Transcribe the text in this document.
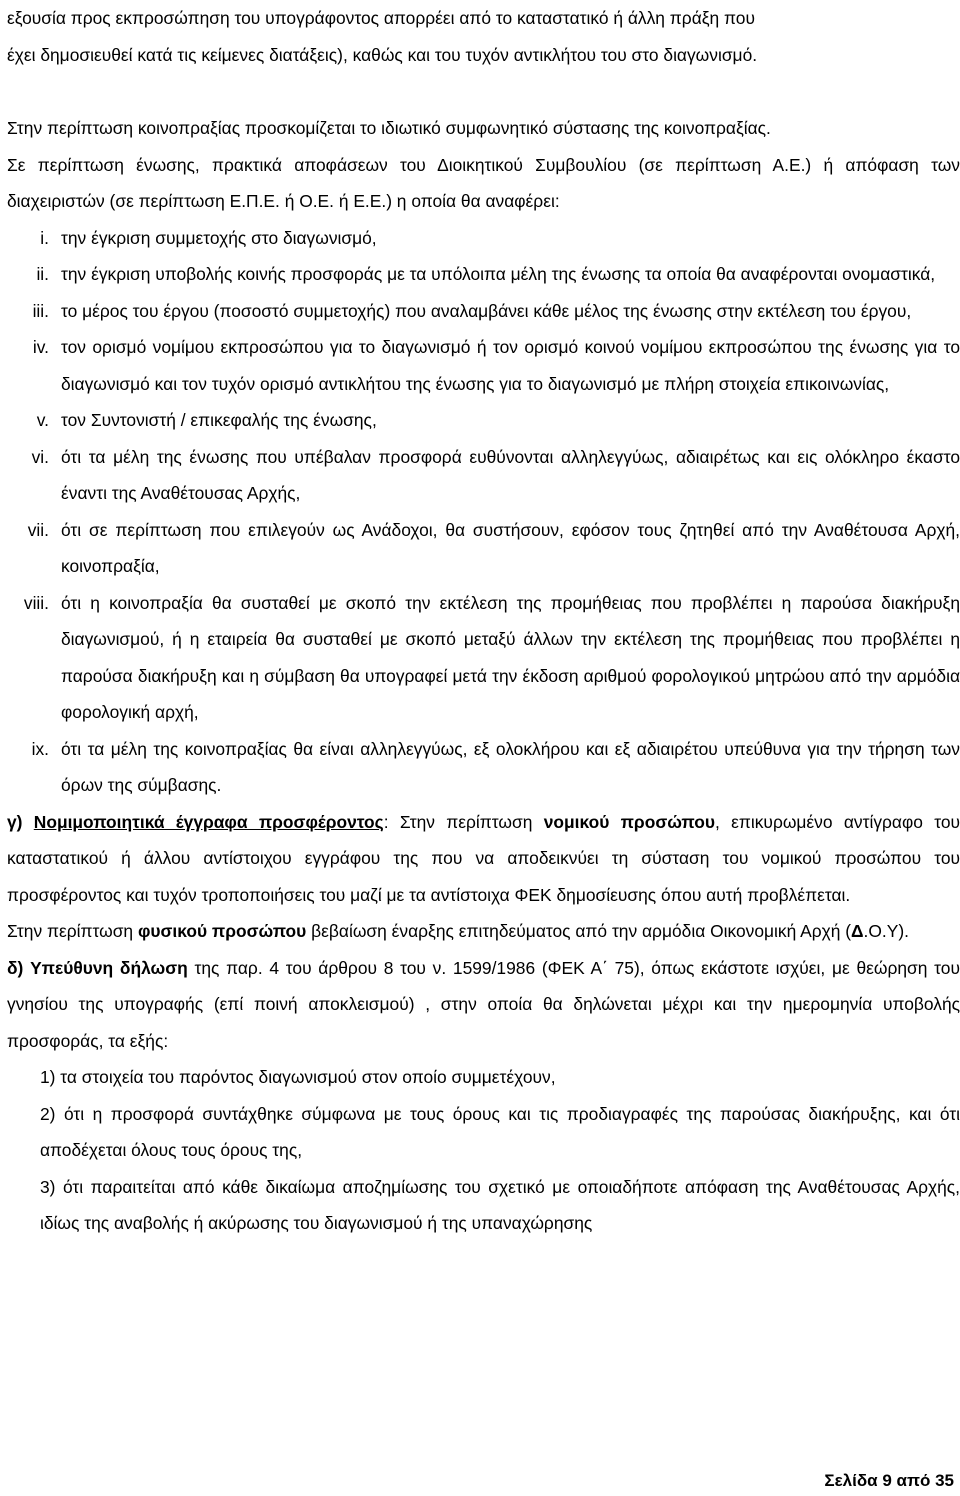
εξουσία προς εκπροσώπηση του υπογράφοντος απορρέει από το καταστατικό ή άλλη πράξη που
έχει δημοσιευθεί κατά τις κείμενες διατάξεις), καθώς και του τυχόν αντικλήτου του στο διαγωνισμό.

Στην περίπτωση κοινοπραξίας προσκομίζεται το ιδιωτικό συμφωνητικό σύστασης της κοινοπραξίας.

Σε περίπτωση ένωσης, πρακτικά αποφάσεων του Διοικητικού Συμβουλίου (σε περίπτωση Α.Ε.) ή απόφαση των διαχειριστών (σε περίπτωση Ε.Π.Ε. ή Ο.Ε. ή Ε.Ε.) η οποία θα αναφέρει:

i. την έγκριση συμμετοχής στο διαγωνισμό,
ii. την έγκριση υποβολής κοινής προσφοράς με τα υπόλοιπα μέλη της ένωσης τα οποία θα αναφέρονται ονομαστικά,
iii. το μέρος του έργου (ποσοστό συμμετοχής) που αναλαμβάνει κάθε μέλος της ένωσης στην εκτέλεση του έργου,
iv. τον ορισμό νομίμου εκπροσώπου για το διαγωνισμό ή τον ορισμό κοινού νομίμου εκπροσώπου της ένωσης για το διαγωνισμό και τον τυχόν ορισμό αντικλήτου της ένωσης για το διαγωνισμό με πλήρη στοιχεία επικοινωνίας,
v. τον Συντονιστή / επικεφαλής της ένωσης,
vi. ότι τα μέλη της ένωσης που υπέβαλαν προσφορά ευθύνονται αλληλεγγύως, αδιαιρέτως και εις ολόκληρο έκαστο έναντι της Αναθέτουσας Αρχής,
vii. ότι σε περίπτωση που επιλεγούν ως Ανάδοχοι, θα συστήσουν, εφόσον τους ζητηθεί από την Αναθέτουσα Αρχή, κοινοπραξία,
viii. ότι η κοινοπραξία θα συσταθεί με σκοπό την εκτέλεση της προμήθειας που προβλέπει η παρούσα διακήρυξη διαγωνισμού, ή η εταιρεία θα συσταθεί με σκοπό μεταξύ άλλων την εκτέλεση της προμήθειας που προβλέπει η παρούσα διακήρυξη και η σύμβαση θα υπογραφεί μετά την έκδοση αριθμού φορολογικού μητρώου από την αρμόδια φορολογική αρχή,
ix. ότι τα μέλη της κοινοπραξίας θα είναι αλληλεγγύως, εξ ολοκλήρου και εξ αδιαιρέτου υπεύθυνα για την τήρηση των όρων της σύμβασης.

γ) Νομιμοποιητικά έγγραφα προσφέροντος: Στην περίπτωση νομικού προσώπου, επικυρωμένο αντίγραφο του καταστατικού ή άλλου αντίστοιχου εγγράφου της που να αποδεικνύει τη σύσταση του νομικού προσώπου του προσφέροντος και τυχόν τροποποιήσεις του μαζί με τα αντίστοιχα ΦΕΚ δημοσίευσης όπου αυτή προβλέπεται.

Στην περίπτωση φυσικού προσώπου βεβαίωση έναρξης επιτηδεύματος από την αρμόδια Οικονομική Αρχή (Δ.Ο.Υ).

δ) Υπεύθυνη δήλωση της παρ. 4 του άρθρου 8 του ν. 1599/1986 (ΦΕΚ Α΄ 75), όπως εκάστοτε ισχύει, με θεώρηση του γνησίου της υπογραφής (επί ποινή αποκλεισμού) , στην οποία θα δηλώνεται μέχρι και την ημερομηνία υποβολής προσφοράς, τα εξής:

1) τα στοιχεία του παρόντος διαγωνισμού στον οποίο συμμετέχουν,

2) ότι η προσφορά συντάχθηκε σύμφωνα με τους όρους και τις προδιαγραφές της παρούσας διακήρυξης, και ότι αποδέχεται όλους τους όρους της,

3) ότι παραιτείται από κάθε δικαίωμα αποζημίωσης του σχετικό με οποιαδήποτε απόφαση της Αναθέτουσας Αρχής, ιδίως της αναβολής ή ακύρωσης του διαγωνισμού ή της υπαναχώρησης

Σελίδα 9 από 35
